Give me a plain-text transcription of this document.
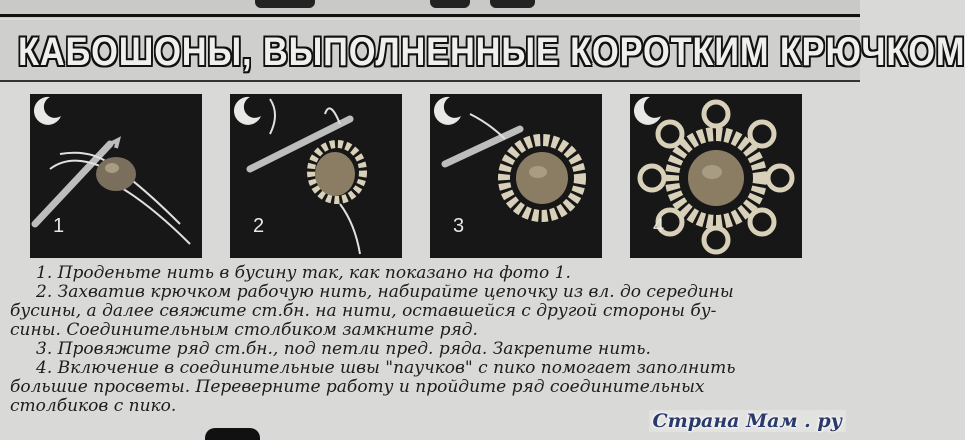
КАБОШОНЫ, ВЫПОЛНЕННЫЕ КОРОТКИМ КРЮЧКОМ
1	2	3	4

1. Проденьте нить в бусину так, как показано на фото 1.

2. Захватив крючком рабочую нить, набирайте цепочку из вл. до середины

бусины, а далее свяжите ст.бн. на нити, оставшейся с другой стороны бу-

сины. Соединительным столбиком замкните ряд.

3. Провяжите ряд ст.бн., под петли пред. ряда. Закрепите нить.

4. Включение в соединительные швы "паучков" с пико помогает заполнить

большие просветы. Переверните работу и пройдите ряд соединительных

столбиков с пико.

Страна Мам . ру
